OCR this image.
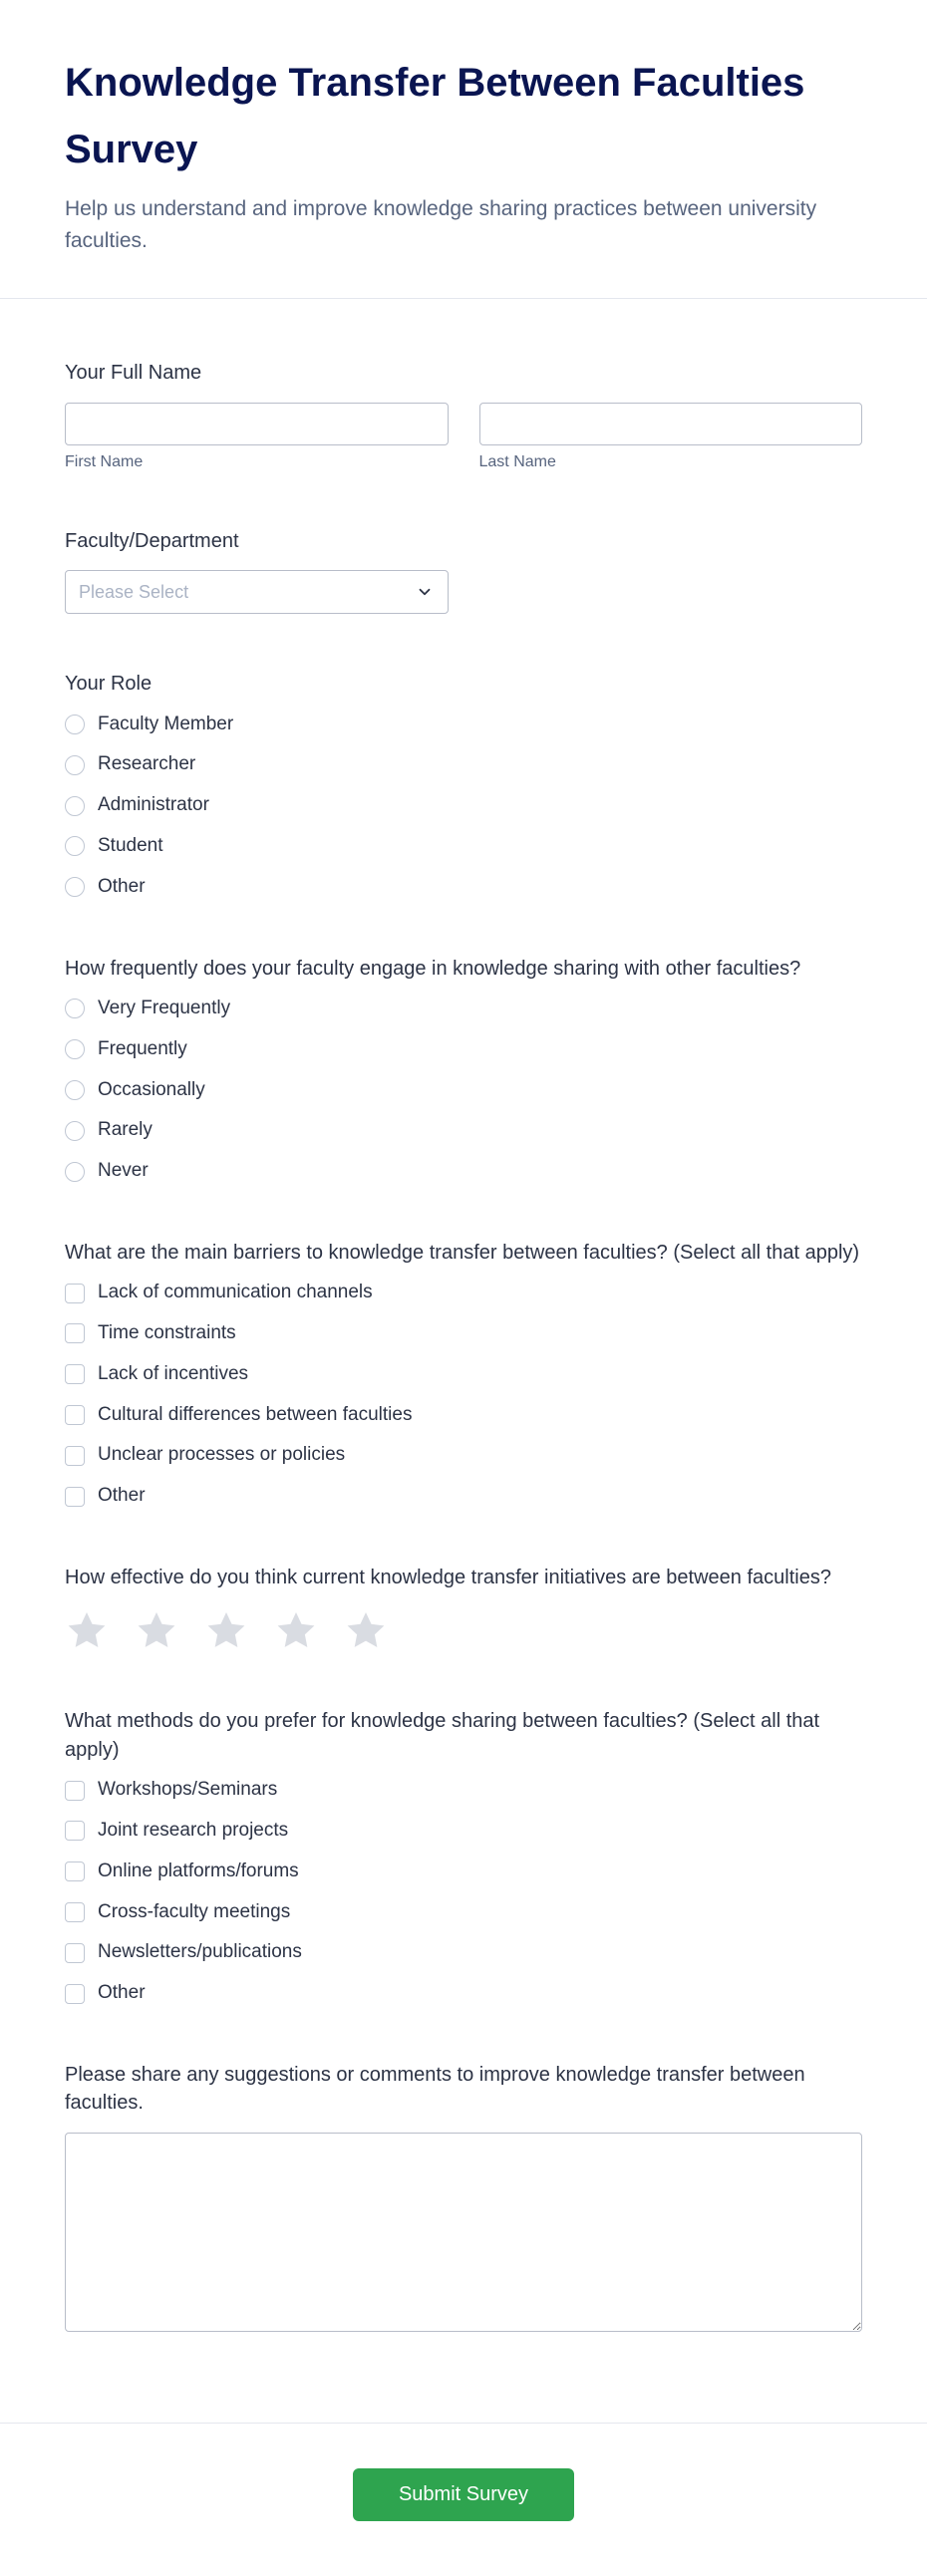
Knowledge Transfer Between Faculties Survey

Help us understand and improve knowledge sharing practices between university faculties.

Your Full Name
First Name	Last Name
Faculty/Department
Please Select
Your Role
Faculty Member
Researcher
Administrator
Student
Other
How frequently does your faculty engage in knowledge sharing with other faculties?
Very Frequently
Frequently
Occasionally
Rarely
Never
What are the main barriers to knowledge transfer between faculties? (Select all that apply)
Lack of communication channels
Time constraints
Lack of incentives
Cultural differences between faculties
Unclear processes or policies
Other
How effective do you think current knowledge transfer initiatives are between faculties?
What methods do you prefer for knowledge sharing between faculties? (Select all that apply)
Workshops/Seminars
Joint research projects
Online platforms/forums
Cross-faculty meetings
Newsletters/publications
Other
Please share any suggestions or comments to improve knowledge transfer between faculties.
Submit Survey
